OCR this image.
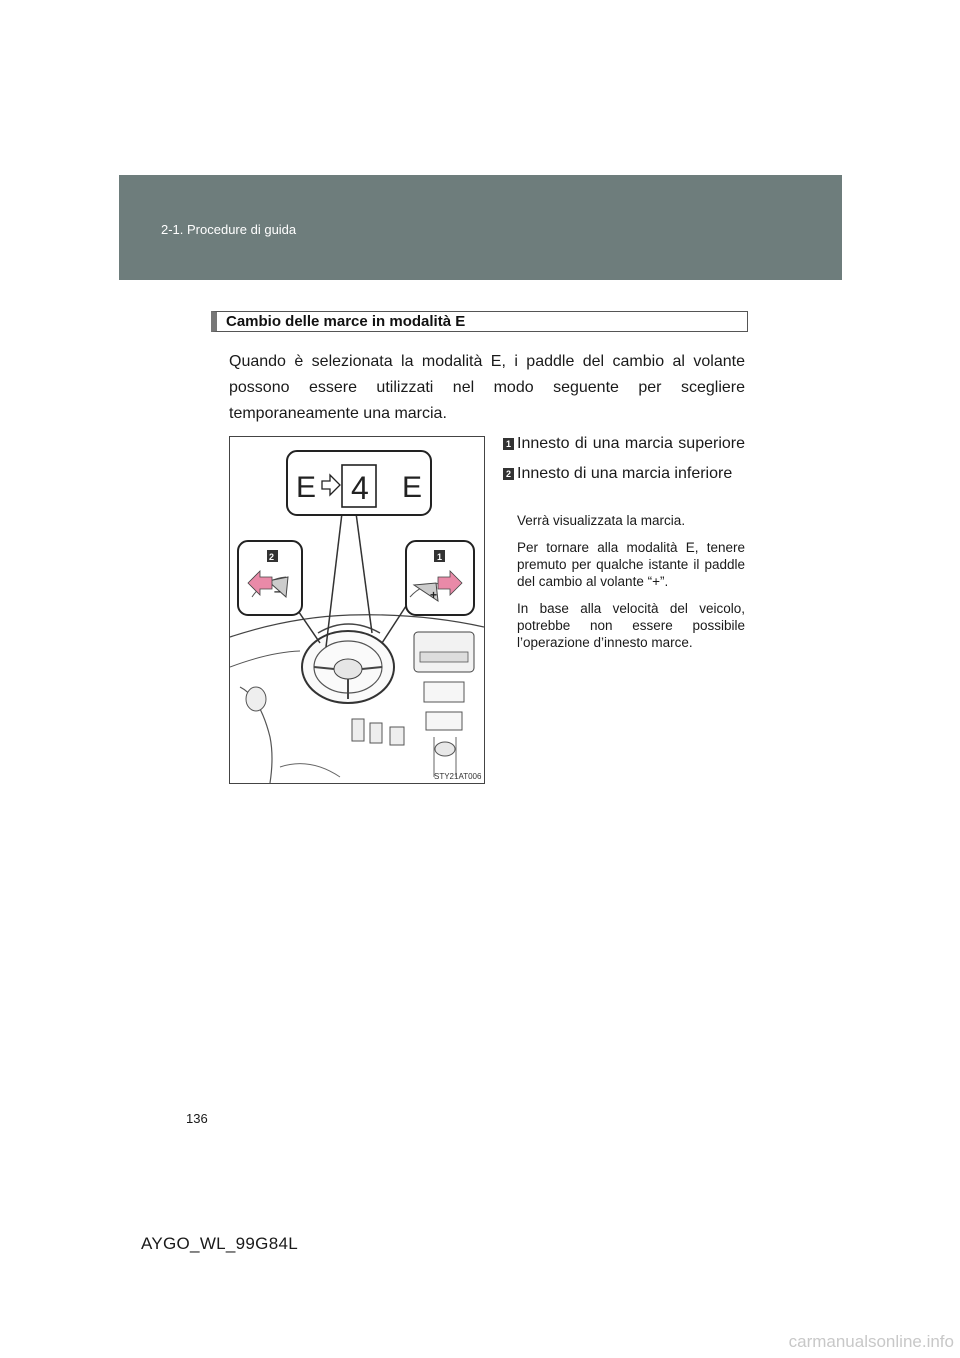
2-1. Procedure di guida
Cambio delle marce in modalità E
Quando è selezionata la modalità E, i paddle del cambio al volante possono essere utilizzati nel modo seguente per scegliere temporaneamente una marcia.
E 4 E
2	1
–	+
STY21AT006
1 Innesto di una marcia superiore
2 Innesto di una marcia inferiore

Verrà visualizzata la marcia.

Per tornare alla modalità E, tenere premuto per qualche istante il paddle del cambio al volante “+”.

In base alla velocità del veicolo, potrebbe non essere possibile l’operazione d’innesto marce.

136
AYGO_WL_99G84L
carmanualsonline.info
